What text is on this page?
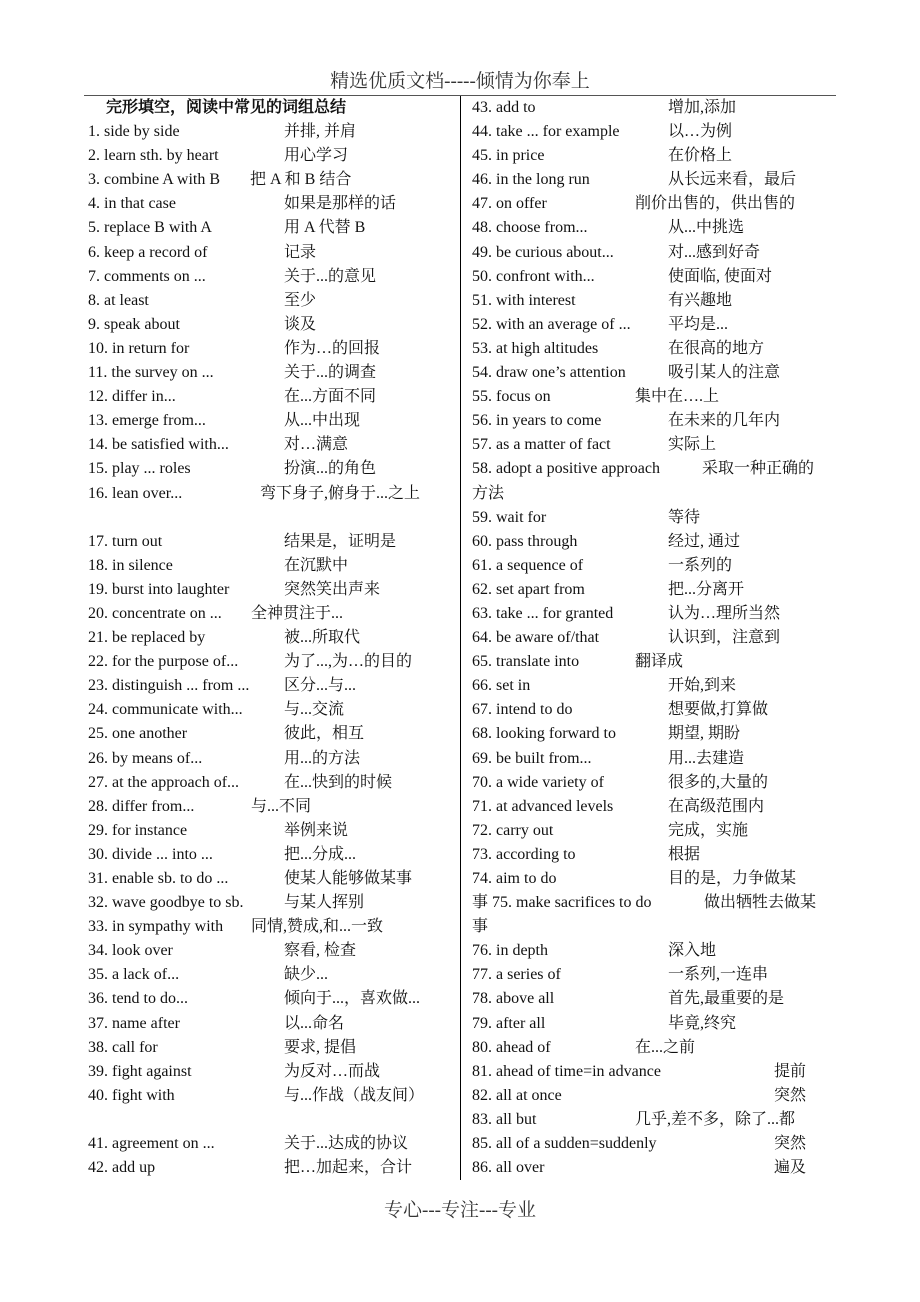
精选优质文档-----倾情为你奉上
完形填空，阅读中常见的词组总结
1. side by side	并排, 并肩
2. learn sth. by heart	用心学习
3. combine A with B 把 A 和 B 结合
4. in that case	如果是那样的话
5. replace B with A	用 A 代替 B
6. keep a record of	记录
7. comments on ...	关于...的意见
8. at least	至少
9. speak about	谈及
10. in return for	作为…的回报
11. the survey on ...	关于...的调查
12. differ in...	在...方面不同
13. emerge from...	从...中出现
14. be satisfied with...	对…满意
15. play ... roles	扮演...的角色
16. lean over...	弯下身子,俯身于...之上
17. turn out	结果是，证明是
18. in silence	在沉默中
19. burst into laughter	突然笑出声来
20. concentrate on ... 全神贯注于...
21. be replaced by	被...所取代
22. for the purpose of...	为了...,为…的目的
23. distinguish ... from ... 区分...与...
24. communicate with...	与...交流
25. one another	彼此，相互
26. by means of...	用...的方法
27. at the approach of...	在...快到的时候
28. differ from...	与...不同
29. for instance	举例来说
30. divide ... into ...	把...分成...
31. enable sb. to do ...	使某人能够做某事
32. wave goodbye to sb.	与某人挥别
33. in sympathy with 同情,赞成,和...一致
34. look over	察看, 检查
35. a lack of...	缺少...
36. tend to do...	倾向于...，喜欢做...
37. name after	以...命名
38. call for	要求, 提倡
39. fight against	为反对…而战
40. fight with	与...作战（战友间）
41. agreement on ...	关于...达成的协议
42. add up	把…加起来，合计
43. add to	增加,添加
44. take ... for example	以…为例
45. in price	在价格上
46. in the long run	从长远来看，最后
47. on offer	削价出售的，供出售的
48. choose from...	从...中挑选
49. be curious about...	对...感到好奇
50. confront with...	使面临, 使面对
51. with interest	有兴趣地
52. with an average of ... 平均是...
53. at high altitudes	在很高的地方
54. draw one’s attention	吸引某人的注意
55. focus on	集中在….上
56. in years to come	在未来的几年内
57. as a matter of fact	实际上
58. adopt a positive approach	采取一种正确的
方法
59. wait for	等待
60. pass through	经过, 通过
61. a sequence of	一系列的
62. set apart from	把...分离开
63. take ... for granted	认为…理所当然
64. be aware of/that	认识到，注意到
65. translate into	翻译成
66. set in	开始,到来
67. intend to do	想要做,打算做
68. looking forward to	期望, 期盼
69. be built from...	用...去建造
70. a wide variety of	很多的,大量的
71. at advanced levels	在高级范围内
72. carry out	完成，实施
73. according to	根据
74. aim to do	目的是，力争做某
事 75. make sacrifices to do	做出牺牲去做某
事
76. in depth	深入地
77. a series of	一系列,一连串
78. above all	首先,最重要的是
79. after all	毕竟,终究
80. ahead of	在...之前
81. ahead of time=in advance	提前
82. all at once	突然
83. all but	几乎,差不多，除了...都
85. all of a sudden=suddenly	突然
86. all over	遍及
专心---专注---专业
